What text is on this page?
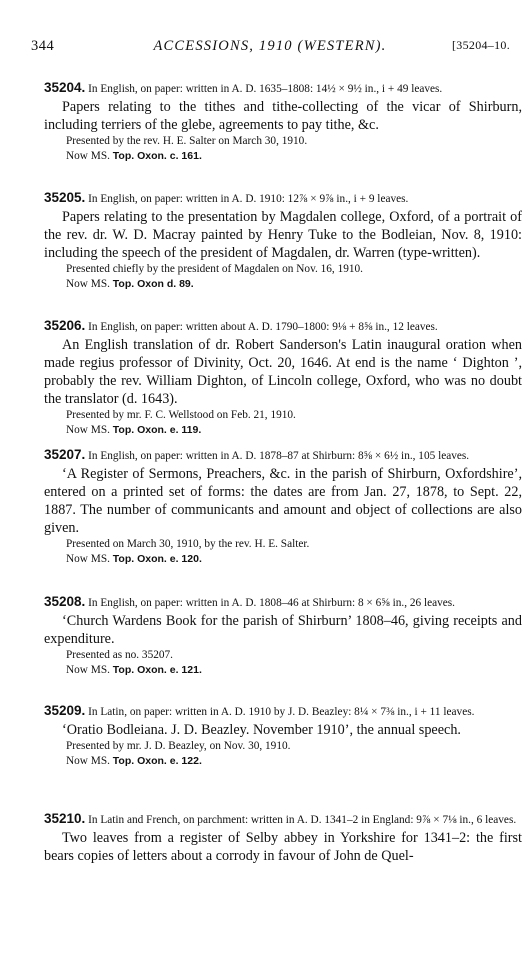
344	ACCESSIONS, 1910 (WESTERN).	[35204–10.
35204. In English, on paper: written in A. D. 1635–1808: 14½ × 9½ in., i + 49 leaves.
Papers relating to the tithes and tithe-collecting of the vicar of Shirburn, including terriers of the glebe, agreements to pay tithe, &c.
Presented by the rev. H. E. Salter on March 30, 1910.
Now MS. Top. Oxon. c. 161.
35205. In English, on paper: written in A. D. 1910: 12⅞ × 9⅞ in., i + 9 leaves.
Papers relating to the presentation by Magdalen college, Oxford, of a portrait of the rev. dr. W. D. Macray painted by Henry Tuke to the Bodleian, Nov. 8, 1910: including the speech of the president of Magdalen, dr. Warren (type-written).
Presented chiefly by the president of Magdalen on Nov. 16, 1910.
Now MS. Top. Oxon d. 89.
35206. In English, on paper: written about A. D. 1790–1800: 9⅛ + 8⅝ in., 12 leaves.
An English translation of dr. Robert Sanderson's Latin inaugural oration when made regius professor of Divinity, Oct. 20, 1646. At end is the name ‘ Dighton ’, probably the rev. William Dighton, of Lincoln college, Oxford, who was no doubt the translator (d. 1643).
Presented by mr. F. C. Wellstood on Feb. 21, 1910.
Now MS. Top. Oxon. e. 119.
35207. In English, on paper: written in A. D. 1878–87 at Shirburn: 8⅝ × 6½ in., 105 leaves.
‘A Register of Sermons, Preachers, &c. in the parish of Shirburn, Oxfordshire’, entered on a printed set of forms: the dates are from Jan. 27, 1878, to Sept. 22, 1887. The number of communicants and amount and object of collections are also given.
Presented on March 30, 1910, by the rev. H. E. Salter.
Now MS. Top. Oxon. e. 120.
35208. In English, on paper: written in A. D. 1808–46 at Shirburn: 8 × 6⅝ in., 26 leaves.
‘Church Wardens Book for the parish of Shirburn’ 1808–46, giving receipts and expenditure.
Presented as no. 35207.
Now MS. Top. Oxon. e. 121.
35209. In Latin, on paper: written in A. D. 1910 by J. D. Beazley: 8¼ × 7⅜ in., i + 11 leaves.
‘Oratio Bodleiana. J. D. Beazley. November 1910’, the annual speech.
Presented by mr. J. D. Beazley, on Nov. 30, 1910.
Now MS. Top. Oxon. e. 122.
35210. In Latin and French, on parchment: written in A. D. 1341–2 in England: 9⅞ × 7⅛ in., 6 leaves.
Two leaves from a register of Selby abbey in Yorkshire for 1341–2: the first bears copies of letters about a corrody in favour of John de Quel-
